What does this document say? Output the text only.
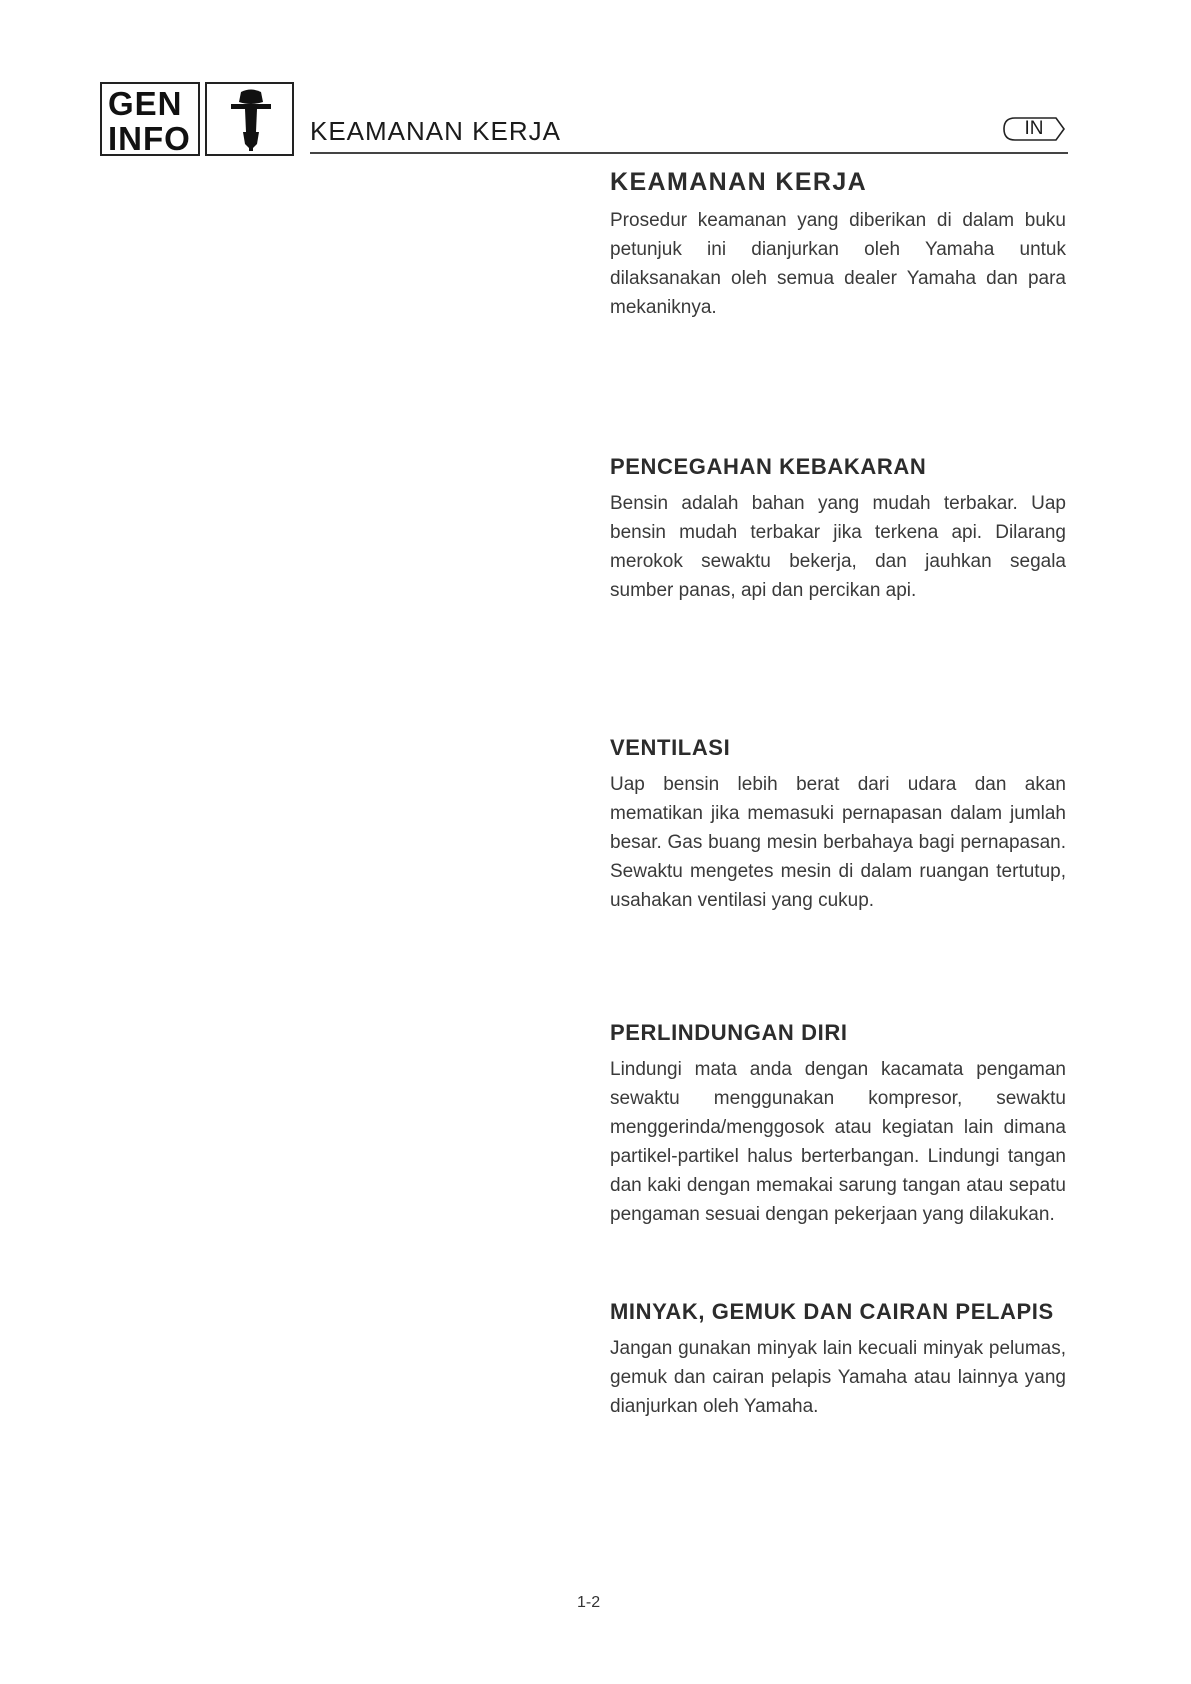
GEN
INFO	KEAMANAN KERJA	IN
KEAMANAN KERJA

Prosedur keamanan yang diberikan di dalam buku petunjuk ini dianjurkan oleh Yamaha untuk dilaksanakan oleh semua dealer Yamaha dan para mekaniknya.

PENCEGAHAN KEBAKARAN

Bensin adalah bahan yang mudah terbakar. Uap bensin mudah terbakar jika terkena api. Dilarang merokok sewaktu bekerja, dan jauhkan segala sumber panas, api dan percikan api.

VENTILASI

Uap bensin lebih berat dari udara dan akan mematikan jika memasuki pernapasan dalam jumlah besar. Gas buang mesin berbahaya bagi pernapasan. Sewaktu mengetes mesin di dalam ruangan tertutup, usahakan ventilasi yang cukup.

PERLINDUNGAN DIRI

Lindungi mata anda dengan kacamata pengaman sewaktu menggunakan kompresor, sewaktu menggerinda/menggosok atau kegiatan lain dimana partikel-partikel halus berterbangan. Lindungi tangan dan kaki dengan memakai sarung tangan atau sepatu pengaman sesuai dengan pekerjaan yang dilakukan.

MINYAK, GEMUK DAN CAIRAN PELAPIS

Jangan gunakan minyak lain kecuali minyak pelumas, gemuk dan cairan pelapis Yamaha atau lainnya yang dianjurkan oleh Yamaha.

1-2
